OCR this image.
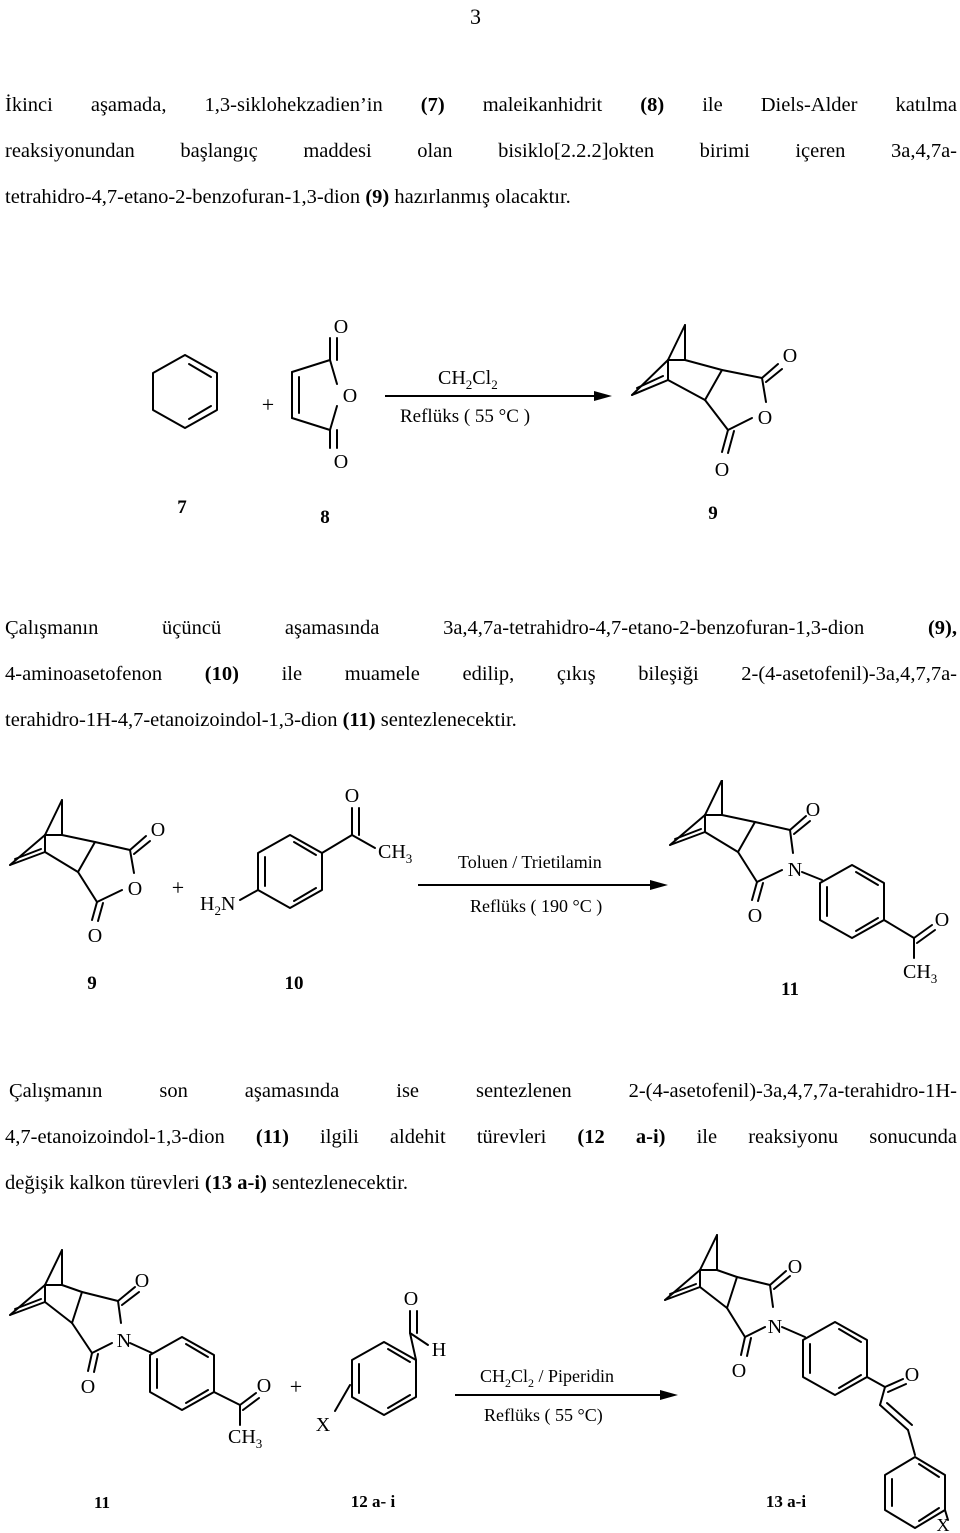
3
İkinci aşamada, 1,3-siklohekzadien’in (7) maleikanhidrit (8) ile Diels-Alder katılma
reaksiyonundan başlangıç maddesi olan bisiklo[2.2.2]okten birimi içeren 3a,4,7a-
tetrahidro-4,7-etano-2-benzofuran-1,3-dion (9) hazırlanmış olacaktır.
+
O
O
O
$CH_2Cl_2$
Reflüks ( 55 °C )
O
O
O
7	8	9
Çalışmanın üçüncü aşamasında 3a,4,7a-tetrahidro-4,7-etano-2-benzofuran-1,3-dion (9),
4-aminoasetofenon (10) ile muamele edilip, çıkış bileşiği 2-(4-asetofenil)-3a,4,7,7a-
terahidro-1H-4,7-etanoizoindol-1,3-dion (11) sentezlenecektir.
O
O
O
+
O
$CH_3$
$H_2N$
Toluen / Trietilamin
Reflüks ( 190 °C )
O
N
O	O
$CH_3$
9	10	11
Çalışmanın son aşamasında ise sentezlenen 2-(4-asetofenil)-3a,4,7,7a-terahidro-1H-
4,7-etanoizoindol-1,3-dion (11) ilgili aldehit türevleri (12 a-i) ile reaksiyonu sonucunda
değişik kalkon türevleri (13 a-i) sentezlenecektir.
O
N
O	O
$CH_3$
+
O
H
X
$CH_2Cl_2$ / Piperidin
Reflüks ( 55 °C)
O
N
O	O
X
11	12 a- i	13 a-i
